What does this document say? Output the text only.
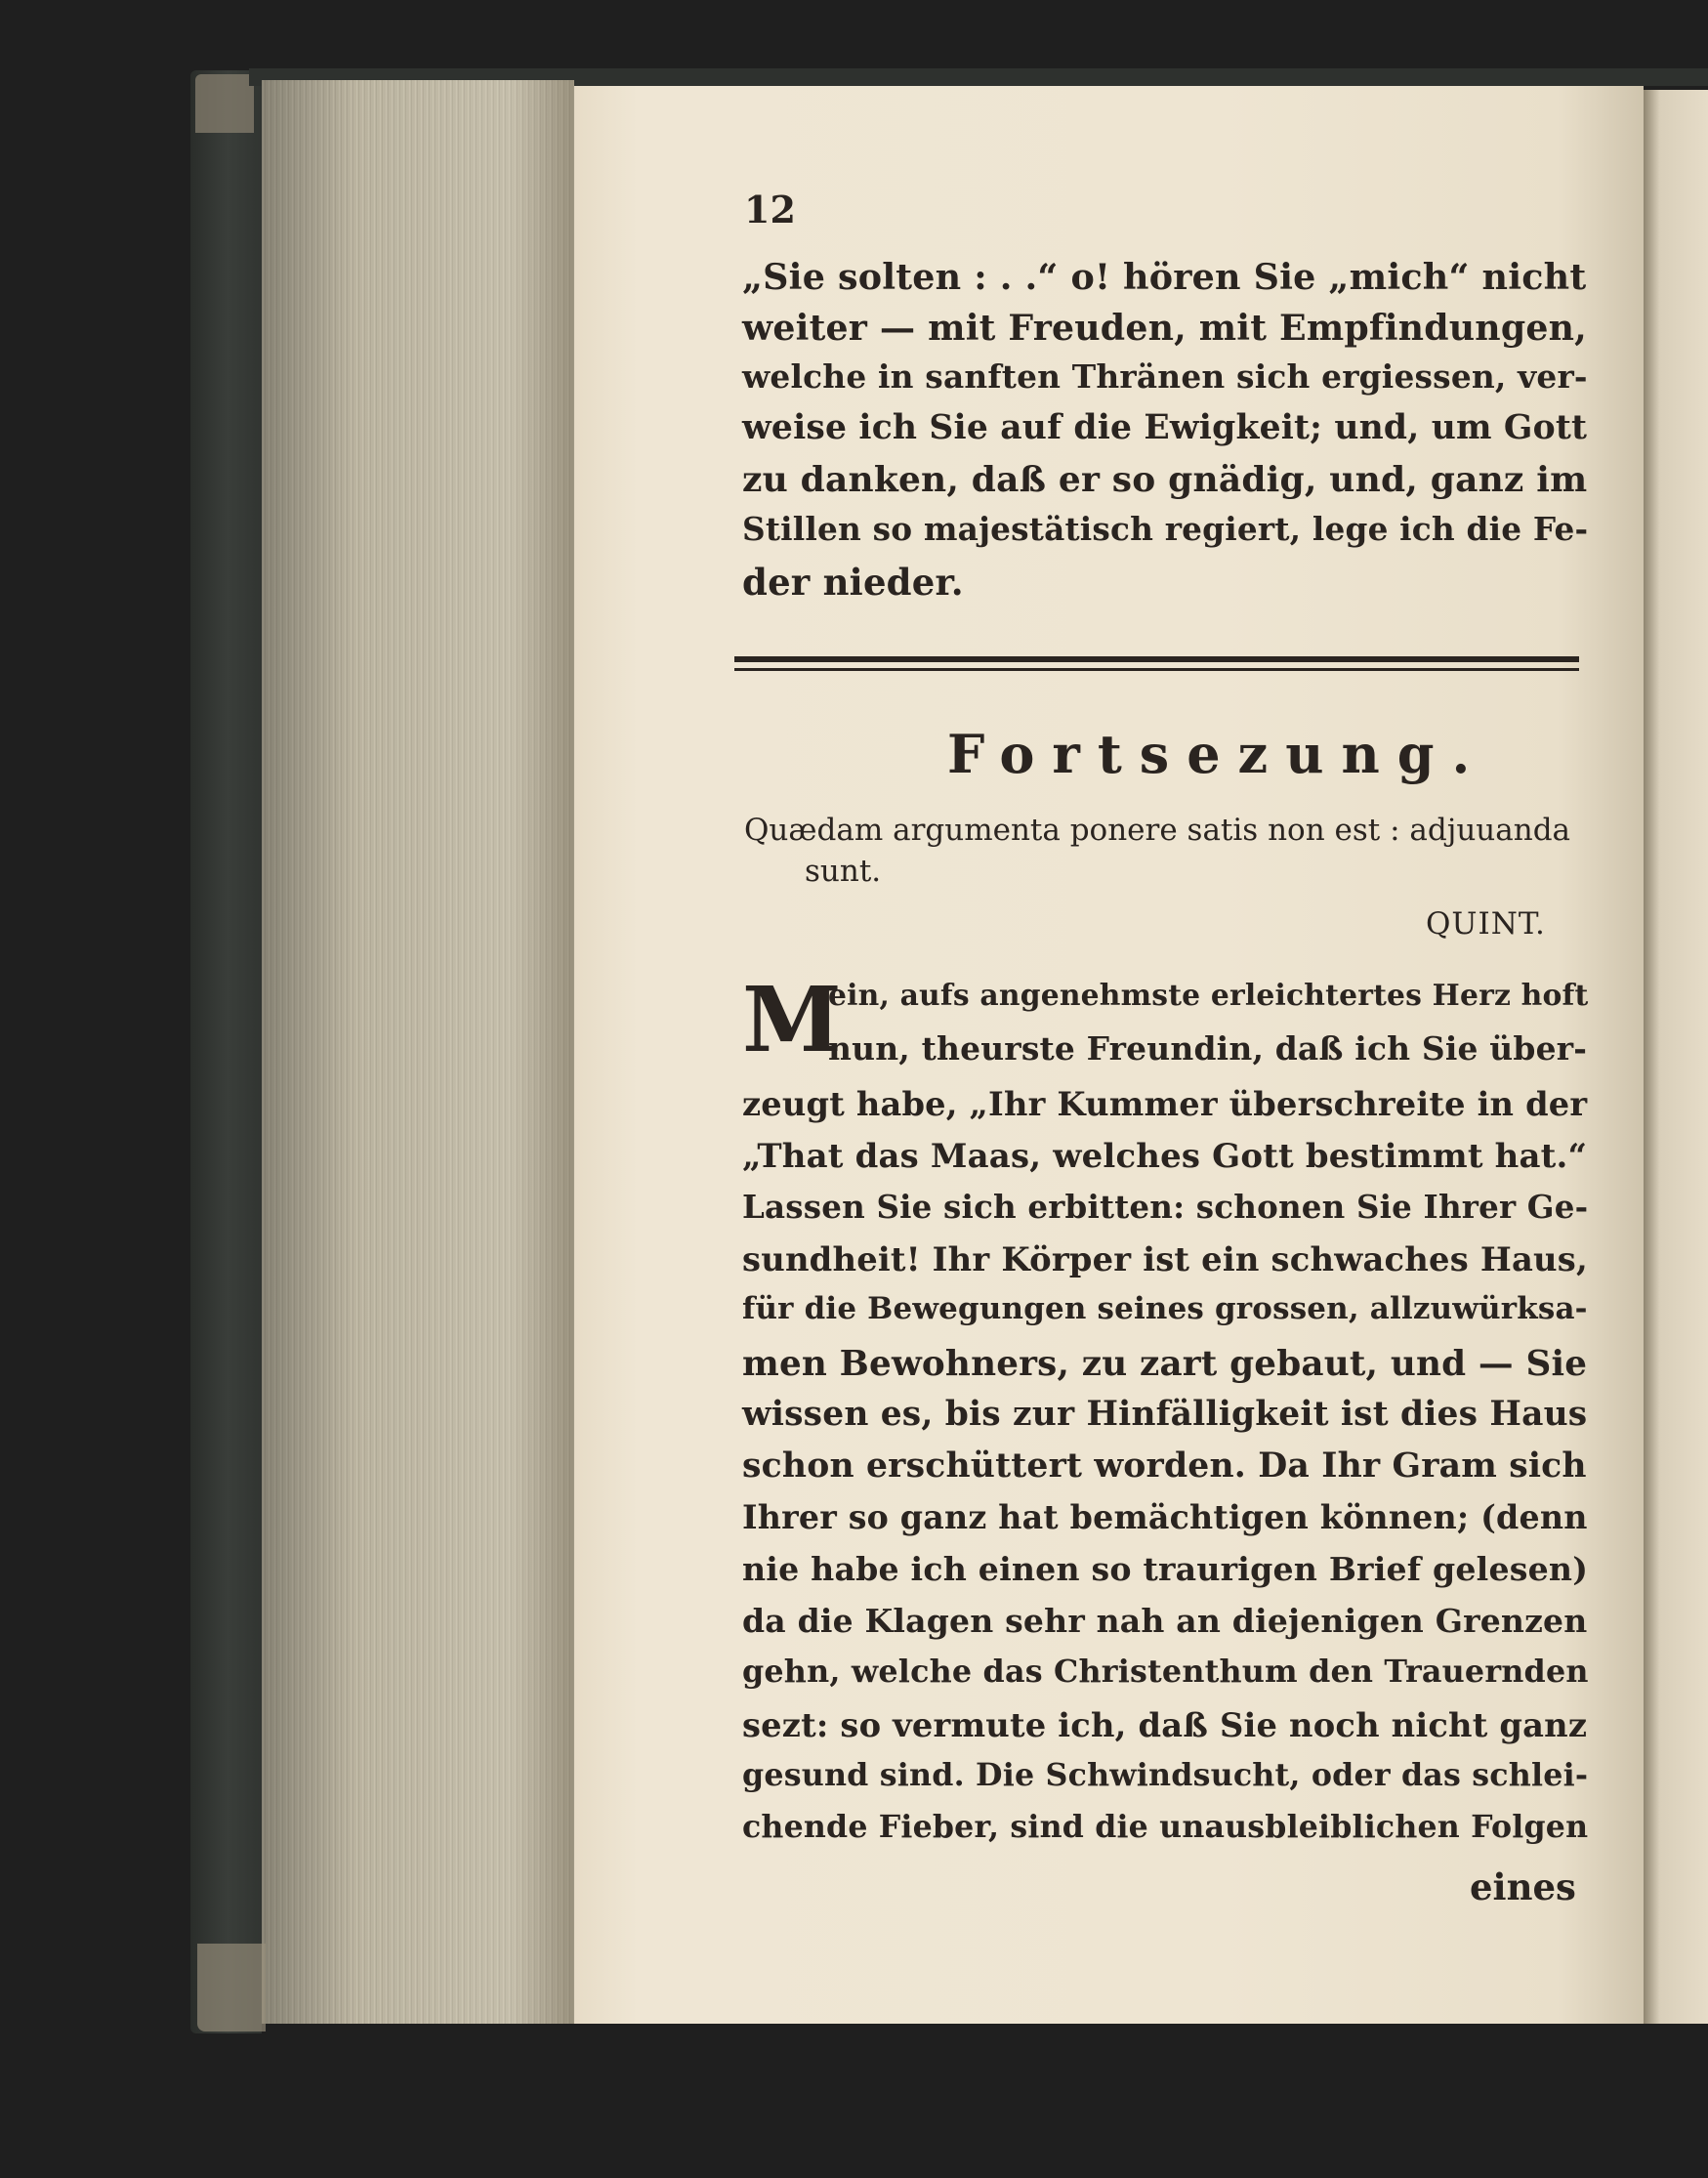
12
„Sie solten : . .“ o! hören Sie „mich“ nicht
weiter — mit Freuden, mit Empfindungen,
welche in sanften Thränen sich ergiessen, ver-
weise ich Sie auf die Ewigkeit; und, um Gott
zu danken, daß er so gnädig, und, ganz im
Stillen so majestätisch regiert, lege ich die Fe-
der nieder.
Fortsezung.
Quædam argumenta ponere satis non est : adjuuanda
sunt.
QUINT.
M
ein, aufs angenehmste erleichtertes Herz hoft
nun, theurste Freundin, daß ich Sie über-
zeugt habe, „Ihr Kummer überschreite in der
„That das Maas, welches Gott bestimmt hat.“
Lassen Sie sich erbitten: schonen Sie Ihrer Ge-
sundheit! Ihr Körper ist ein schwaches Haus,
für die Bewegungen seines grossen, allzuwürksa-
men Bewohners, zu zart gebaut, und — Sie
wissen es, bis zur Hinfälligkeit ist dies Haus
schon erschüttert worden. Da Ihr Gram sich
Ihrer so ganz hat bemächtigen können; (denn
nie habe ich einen so traurigen Brief gelesen)
da die Klagen sehr nah an diejenigen Grenzen
gehn, welche das Christenthum den Trauernden
sezt: so vermute ich, daß Sie noch nicht ganz
gesund sind. Die Schwindsucht, oder das schlei-
chende Fieber, sind die unausbleiblichen Folgen
eines
